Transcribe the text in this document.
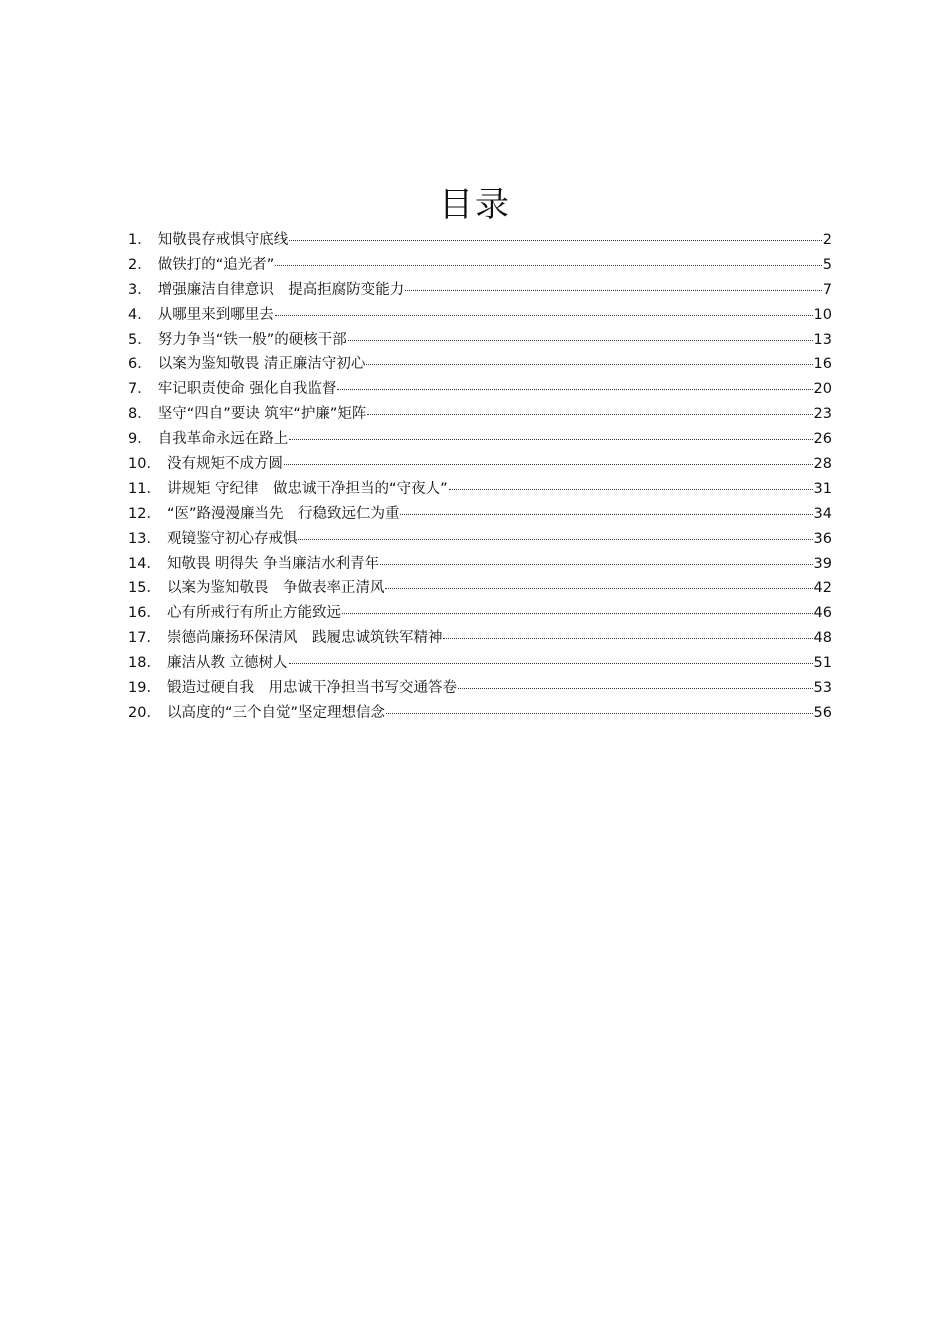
目录
1． 知敬畏存戒惧守底线	2
2． 做铁打的“追光者”	5
3． 增强廉洁自律意识　提高拒腐防变能力	7
4． 从哪里来到哪里去	10
5． 努力争当“铁一般”的硬核干部	13
6． 以案为鉴知敬畏 清正廉洁守初心	16
7． 牢记职责使命 强化自我监督	20
8． 坚守“四自”要诀 筑牢“护廉”矩阵	23
9． 自我革命永远在路上	26
10． 没有规矩不成方圆	28
11． 讲规矩 守纪律　做忠诚干净担当的“守夜人”	31
12． “医”路漫漫廉当先　行稳致远仁为重	34
13． 观镜鉴守初心存戒惧	36
14． 知敬畏 明得失 争当廉洁水利青年	39
15． 以案为鉴知敬畏　争做表率正清风	42
16． 心有所戒行有所止方能致远	46
17． 崇德尚廉扬环保清风　践履忠诚筑铁军精神	48
18． 廉洁从教 立德树人	51
19． 锻造过硬自我　用忠诚干净担当书写交通答卷	53
20． 以高度的“三个自觉”坚定理想信念	56
